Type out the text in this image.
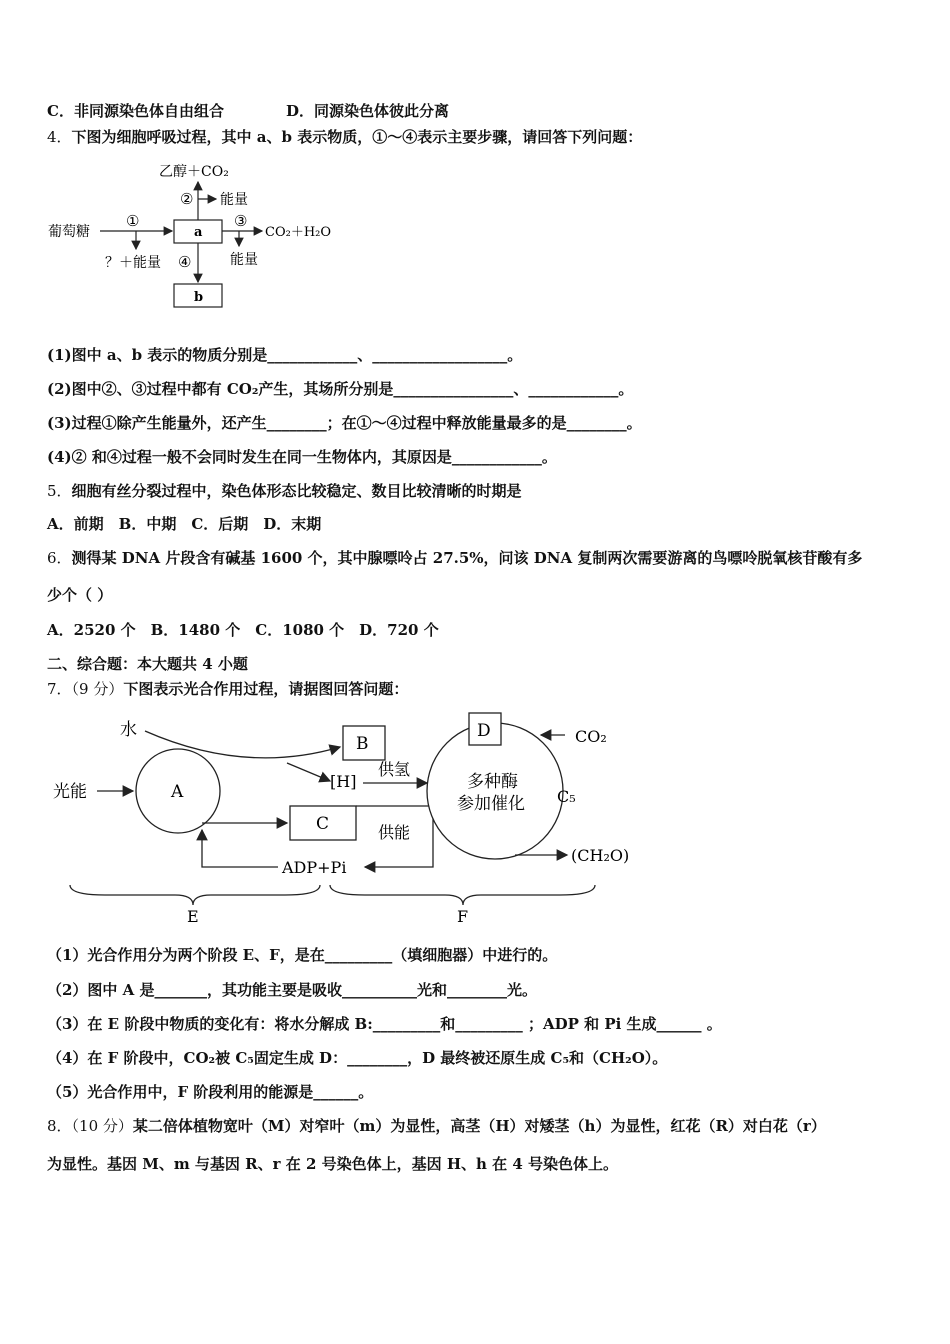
C．非同源染色体自由组合	D．同源染色体彼此分离
4．下图为细胞呼吸过程，其中 a、b 表示物质，①～④表示主要步骤，请回答下列问题：
葡萄糖
①
？＋能量
a
乙醇＋CO₂
② 能量
③
CO₂＋H₂O
能量
④
b
(1)图中 a、b 表示的物质分别是____________、__________________。
(2)图中②、③过程中都有 CO₂产生，其场所分别是________________、____________。
(3)过程①除产生能量外，还产生________；在①～④过程中释放能量最多的是________。
(4)② 和④过程一般不会同时发生在同一生物体内，其原因是____________。
5．细胞有丝分裂过程中，染色体形态比较稳定、数目比较清晰的时期是
A．前期　B．中期　C．后期　D．末期
6．测得某 DNA 片段含有碱基 1600 个，其中腺嘌呤占 27.5%，问该 DNA 复制两次需要游离的鸟嘌呤脱氧核苷酸有多
少个（ ）
A．2520 个　B．1480 个　C．1080 个　D．720 个
二、综合题：本大题共 4 小题
7．（9 分）下图表示光合作用过程，请据图回答问题：
水
B
[H]
供氢
光能	A
C	供能
ADP+Pi
D	CO₂
多种酶
参加催化 C₅
(CH₂O)
E	F
（1）光合作用分为两个阶段 E、F，是在_________（填细胞器）中进行的。
（2）图中 A 是_______，其功能主要是吸收__________光和________光。
（3）在 E 阶段中物质的变化有：将水分解成 B:_________和_________ ；ADP 和 Pi 生成______ 。
（4）在 F 阶段中，CO₂被 C₅固定生成 D：________，D 最终被还原生成 C₅和（CH₂O）。
（5）光合作用中，F 阶段利用的能源是______。
8．（10 分）某二倍体植物宽叶（M）对窄叶（m）为显性，高茎（H）对矮茎（h）为显性，红花（R）对白花（r）
为显性。基因 M、m 与基因 R、r 在 2 号染色体上，基因 H、h 在 4 号染色体上。
